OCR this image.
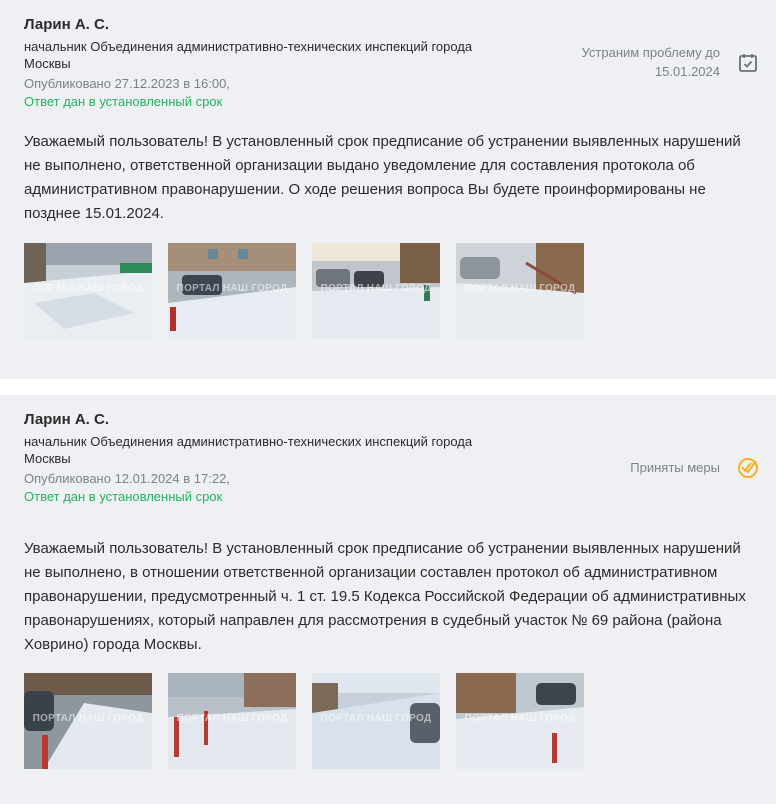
Ларин А. С.
начальник Объединения административно-технических инспекций города Москвы
Опубликовано 27.12.2023 в 16:00,
Ответ дан в установленный срок
Устраним проблему до 15.01.2024
Уважаемый пользователь! В установленный срок предписание об устранении выявленных нарушений не выполнено, ответственной организации выдано уведомление для составления протокола об административном правонарушении. О ходе решения вопроса Вы будете проинформированы не позднее 15.01.2024.
ПОРТАЛ НАШ ГОРОД	ПОРТАЛ НАШ ГОРОД	ПОРТАЛ НАШ ГОРОД	ПОРТАЛ НАШ ГОРОД
Ларин А. С.
начальник Объединения административно-технических инспекций города Москвы
Опубликовано 12.01.2024 в 17:22,
Ответ дан в установленный срок
Приняты меры
Уважаемый пользователь! В установленный срок предписание об устранении выявленных нарушений не выполнено, в отношении ответственной организации составлен протокол об административном правонарушении, предусмотренный ч. 1 ст. 19.5 Кодекса Российской Федерации об административных правонарушениях, который направлен для рассмотрения в судебный участок № 69 района (района Ховрино) города Москвы.
ПОРТАЛ НАШ ГОРОД	ПОРТАЛ НАШ ГОРОД	ПОРТАЛ НАШ ГОРОД	ПОРТАЛ НАШ ГОРОД
